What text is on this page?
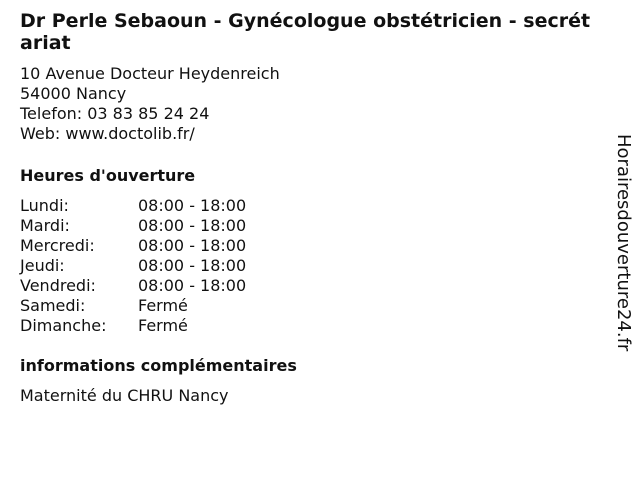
Dr Perle Sebaoun - Gynécologue obstétricien - secrétariat
10 Avenue Docteur Heydenreich
54000 Nancy
Telefon: 03 83 85 24 24
Web: www.doctolib.fr/
Heures d'ouverture
Lundi:	08:00 - 18:00
Mardi:	08:00 - 18:00
Mercredi:	08:00 - 18:00
Jeudi:	08:00 - 18:00
Vendredi:	08:00 - 18:00
Samedi:	Fermé
Dimanche:	Fermé
informations complémentaires
Maternité du CHRU Nancy
Horairesdouverture24.fr
